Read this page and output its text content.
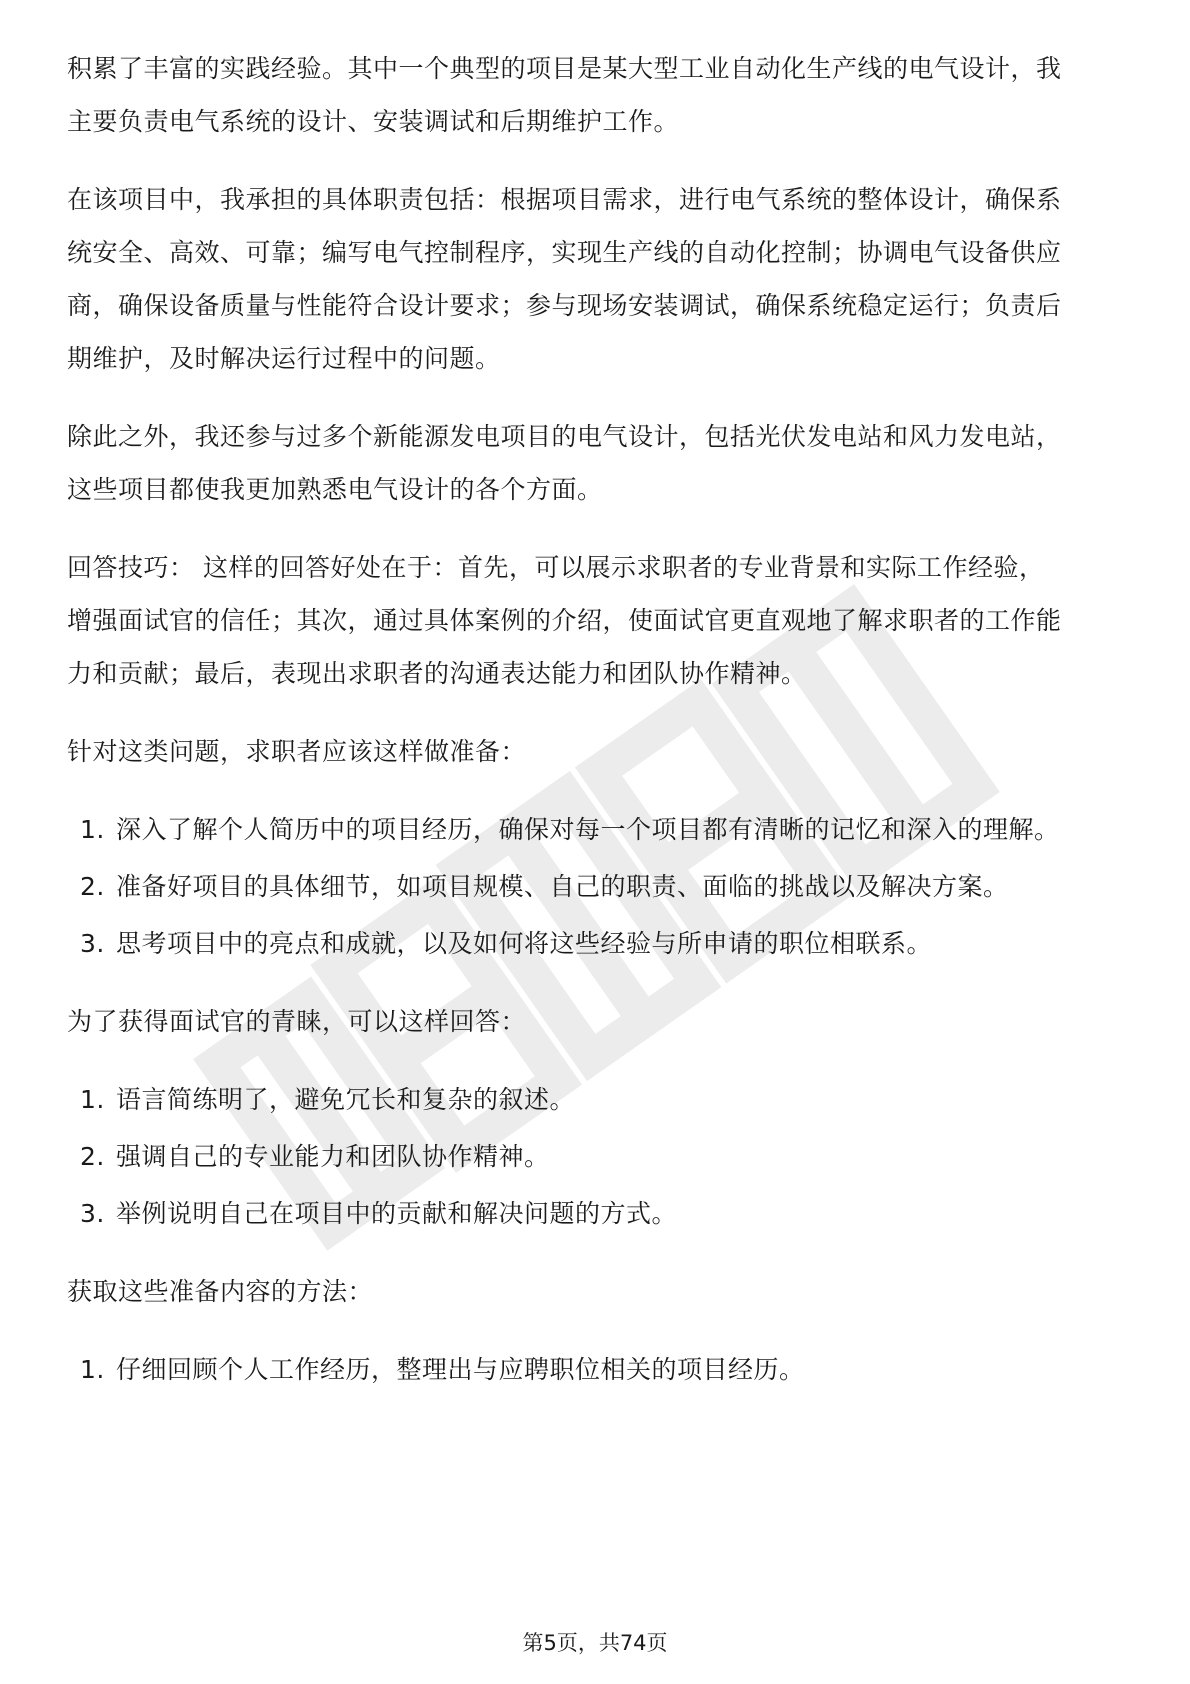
积累了丰富的实践经验。其中一个典型的项目是某大型工业自动化生产线的电气设计，我主要负责电气系统的设计、安装调试和后期维护工作。

在该项目中，我承担的具体职责包括：根据项目需求，进行电气系统的整体设计，确保系统安全、高效、可靠；编写电气控制程序，实现生产线的自动化控制；协调电气设备供应商，确保设备质量与性能符合设计要求；参与现场安装调试，确保系统稳定运行；负责后期维护，及时解决运行过程中的问题。

除此之外，我还参与过多个新能源发电项目的电气设计，包括光伏发电站和风力发电站，这些项目都使我更加熟悉电气设计的各个方面。

回答技巧： 这样的回答好处在于：首先，可以展示求职者的专业背景和实际工作经验，增强面试官的信任；其次，通过具体案例的介绍，使面试官更直观地了解求职者的工作能力和贡献；最后，表现出求职者的沟通表达能力和团队协作精神。

针对这类问题，求职者应该这样做准备：

1. 深入了解个人简历中的项目经历，确保对每一个项目都有清晰的记忆和深入的理解。
2. 准备好项目的具体细节，如项目规模、自己的职责、面临的挑战以及解决方案。
3. 思考项目中的亮点和成就，以及如何将这些经验与所申请的职位相联系。

为了获得面试官的青睐，可以这样回答：

1. 语言简练明了，避免冗长和复杂的叙述。
2. 强调自己的专业能力和团队协作精神。
3. 举例说明自己在项目中的贡献和解决问题的方式。

获取这些准备内容的方法：

1. 仔细回顾个人工作经历，整理出与应聘职位相关的项目经历。
第5页，共74页
